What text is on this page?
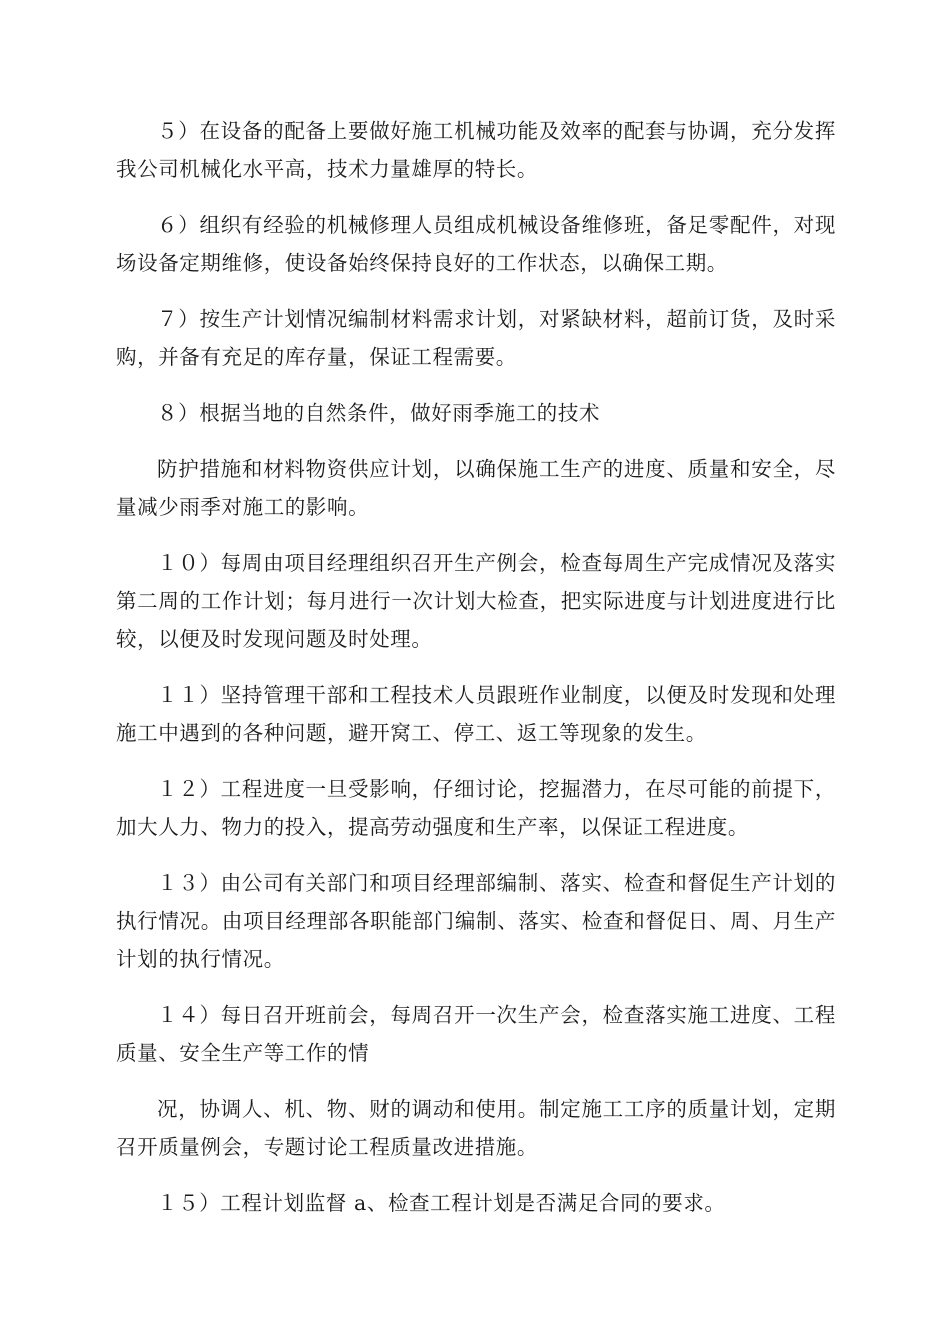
５）在设备的配备上要做好施工机械功能及效率的配套与协调，充分发挥我公司机械化水平高，技术力量雄厚的特长。

６）组织有经验的机械修理人员组成机械设备维修班，备足零配件，对现场设备定期维修，使设备始终保持良好的工作状态，以确保工期。

７）按生产计划情况编制材料需求计划，对紧缺材料，超前订货，及时采购，并备有充足的库存量，保证工程需要。

８）根据当地的自然条件，做好雨季施工的技术

防护措施和材料物资供应计划，以确保施工生产的进度、质量和安全，尽量减少雨季对施工的影响。

１０）每周由项目经理组织召开生产例会，检查每周生产完成情况及落实第二周的工作计划；每月进行一次计划大检查，把实际进度与计划进度进行比较，以便及时发现问题及时处理。

１１）坚持管理干部和工程技术人员跟班作业制度，以便及时发现和处理施工中遇到的各种问题，避开窝工、停工、返工等现象的发生。

１２）工程进度一旦受影响，仔细讨论，挖掘潜力，在尽可能的前提下，加大人力、物力的投入，提高劳动强度和生产率，以保证工程进度。

１３）由公司有关部门和项目经理部编制、落实、检查和督促生产计划的执行情况。由项目经理部各职能部门编制、落实、检查和督促日、周、月生产计划的执行情况。

１４）每日召开班前会，每周召开一次生产会，检查落实施工进度、工程质量、安全生产等工作的情

况，协调人、机、物、财的调动和使用。制定施工工序的质量计划，定期召开质量例会，专题讨论工程质量改进措施。

１５）工程计划监督 a、检查工程计划是否满足合同的要求。
